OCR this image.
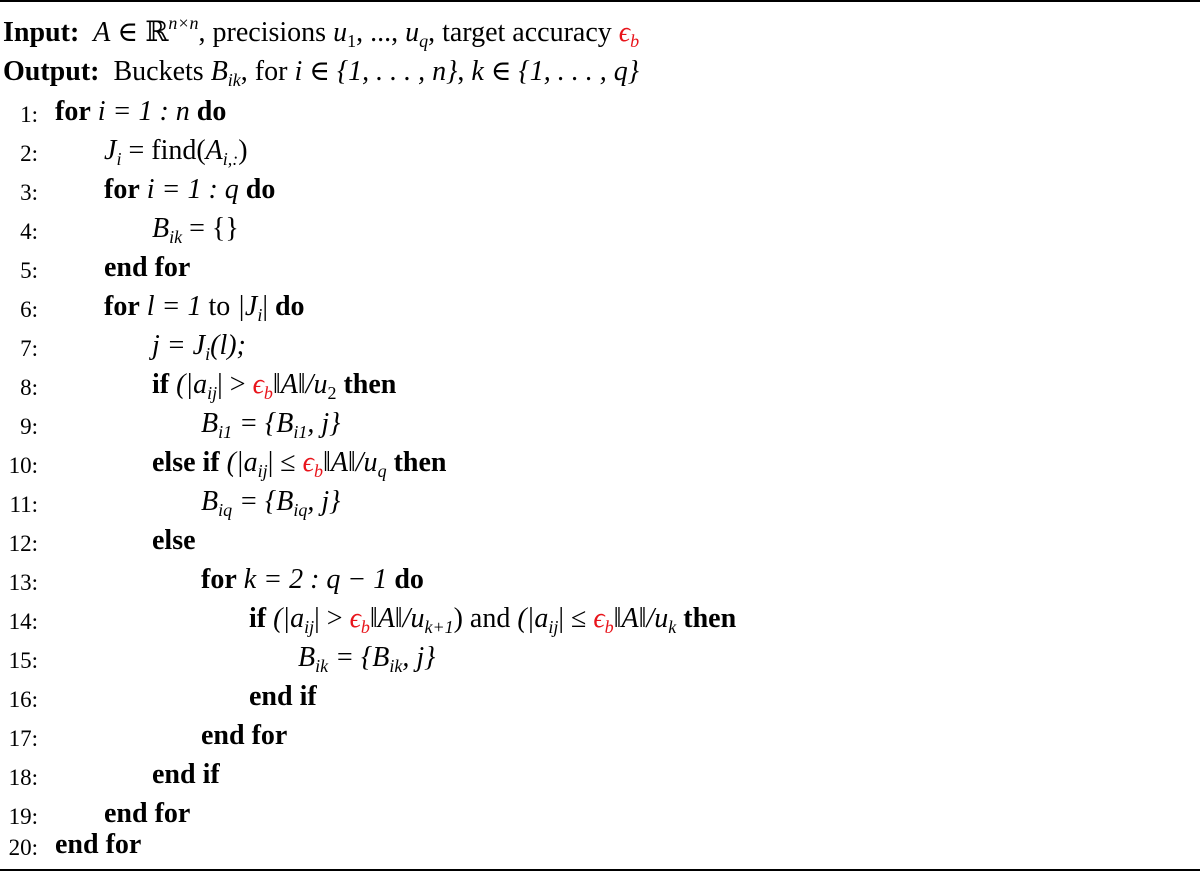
Input: A ∈ ℝ$^{n\times n}$, precisions $u_1$, ..., $u_q$, target accuracy $\epsilon_b$
Output: Buckets $B_{ik}$, for i ∈ {1, . . . , n}, k ∈ {1, . . . , q}
1: for i = 1 : n do
2: $J_i$ = $find(A_{i,:})$
3: for i = 1 : q do
4:	$B_{ik}$ = {}
5: end for
6: for l = 1 to $|J_i|$ do
7:	$j = J_i(l)$;
8:	if ($|a_{ij}|$ > $\epsilon_b‖A‖/u_2$ then
9:	$B_{i1} = \{B_{i1}$, j}
10:	else if ($|a_{ij}|$ ≤ $\epsilon_b‖A‖/u_q$ then
11:	$B_{iq} = \{B_{iq}$, j}
12:	else
13:	for k = 2 : q − 1 do
14:	if ($|a_{ij}|$ > $\epsilon_b‖A‖/u_{k+1}$) and ($|a_{ij}|$ ≤ $\epsilon_b‖A‖/u_k$ then
15:	$B_{ik} = \{B_{ik}$, j}
16:	end if
17:	end for
18:	end if
19: end for
20: end for
